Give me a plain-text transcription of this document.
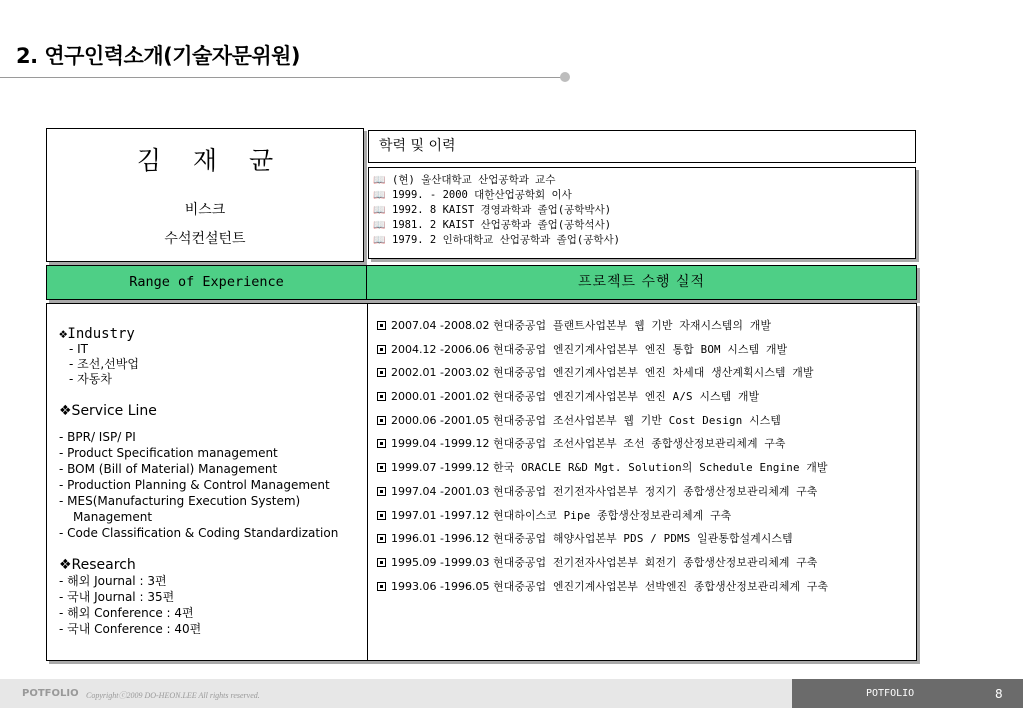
2. 연구인력소개(기술자문위원)
김 재 균
비스크
수석컨설턴트
학력 및 이력
📖 (현) 울산대학교 산업공학과 교수
📖 1999. - 2000 대한산업공학회 이사
📖 1992. 8 KAIST 경영과학과 졸업(공학박사)
📖 1981. 2 KAIST 산업공학과 졸업(공학석사)
📖 1979. 2 인하대학교 산업공학과 졸업(공학사)
Range of Experience	프로젝트 수행 실적
❖Industry
- IT
- 조선,선박업
- 자동차
❖Service Line
- BPR/ ISP/ PI
- Product Specification management
- BOM (Bill of Material) Management
- Production Planning & Control Management
- MES(Manufacturing Execution System)
Management
- Code Classification & Coding Standardization
❖Research
- 해외 Journal : 3편
- 국내 Journal : 35편
- 해외 Conference : 4편
- 국내 Conference : 40편
2007.04 -2008.02 현대중공업 플랜트사업본부 웹 기반 자재시스템의 개발
2004.12 -2006.06 현대중공업 엔진기계사업본부 엔진 통합 BOM 시스템 개발
2002.01 -2003.02 현대중공업 엔진기계사업본부 엔진 차세대 생산계획시스템 개발
2000.01 -2001.02 현대중공업 엔진기계사업본부 엔진 A/S 시스템 개발
2000.06 -2001.05 현대중공업 조선사업본부 웹 기반 Cost Design 시스템
1999.04 -1999.12 현대중공업 조선사업본부 조선 종합생산정보관리체계 구축
1999.07 -1999.12 한국 ORACLE R&D Mgt. Solution의 Schedule Engine 개발
1997.04 -2001.03 현대중공업 전기전자사업본부 정지기 종합생산정보관리체계 구축
1997.01 -1997.12 현대하이스코 Pipe 종합생산정보관리체계 구축
1996.01 -1996.12 현대중공업 해양사업본부 PDS / PDMS 일관통합설계시스템
1995.09 -1999.03 현대중공업 전기전자사업본부 회전기 종합생산정보관리체계 구축
1993.06 -1996.05 현대중공업 엔진기계사업본부 선박엔진 종합생산정보관리체계 구축
POTFOLIO Copyrightⓒ2009 DO-HEON.LEE All rights reserved.	POTFOLIO	8
